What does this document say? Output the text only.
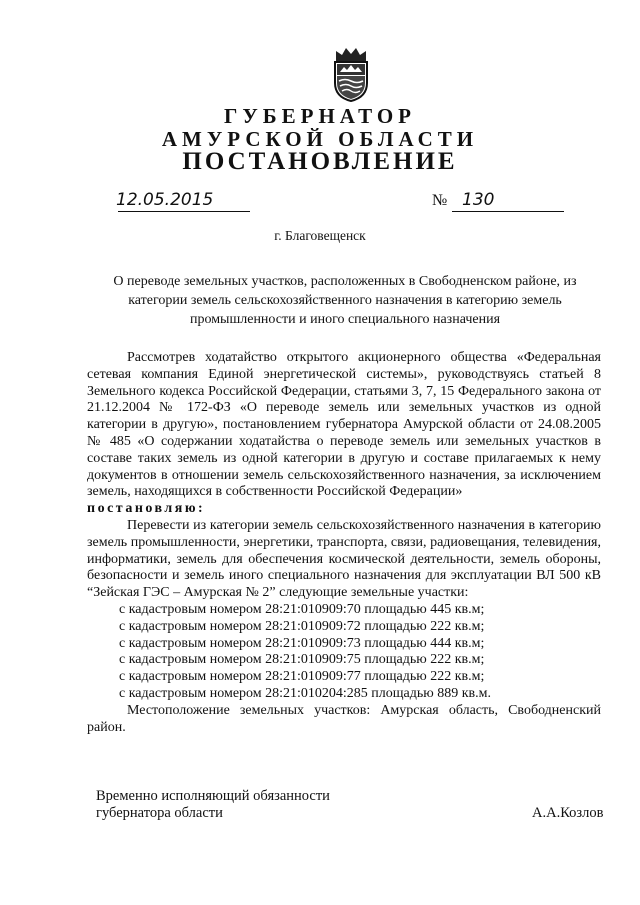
ГУБЕРНАТОР
АМУРСКОЙ ОБЛАСТИ
ПОСТАНОВЛЕНИЕ
12.05.2015	№ 130
г. Благовещенск
О переводе земельных участков, расположенных в Свободненском районе, из категории земель сельскохозяйственного назначения в категорию земель промышленности и иного специального назначения

Рассмотрев ходатайство открытого акционерного общества «Федеральная сетевая компания Единой энергетической системы», руководствуясь статьей 8 Земельного кодекса Российской Федерации, статьями 3, 7, 15 Федерального закона от 21.12.2004 № 172-ФЗ «О переводе земель или земельных участков из одной категории в другую», постановлением губернатора Амурской области от 24.08.2005 № 485 «О содержании ходатайства о переводе земель или земельных участков в составе таких земель из одной категории в другую и составе прилагаемых к нему документов в отношении земель сельскохозяйственного назначения, за исключением земель, находящихся в собственности Российской Федерации»

постановляю:

Перевести из категории земель сельскохозяйственного назначения в категорию земель промышленности, энергетики, транспорта, связи, радиовещания, телевидения, информатики, земель для обеспечения космической деятельности, земель обороны, безопасности и земель иного специального назначения для эксплуатации ВЛ 500 кВ “Зейская ГЭС – Амурская № 2” следующие земельные участки:

с кадастровым номером 28:21:010909:70 площадью 445 кв.м;

с кадастровым номером 28:21:010909:72 площадью 222 кв.м;

с кадастровым номером 28:21:010909:73 площадью 444 кв.м;

с кадастровым номером 28:21:010909:75 площадью 222 кв.м;

с кадастровым номером 28:21:010909:77 площадью 222 кв.м;

с кадастровым номером 28:21:010204:285 площадью 889 кв.м.

Местоположение земельных участков: Амурская область, Свободненский район.

Временно исполняющий обязанности
губернатора области	А.А.Козлов
